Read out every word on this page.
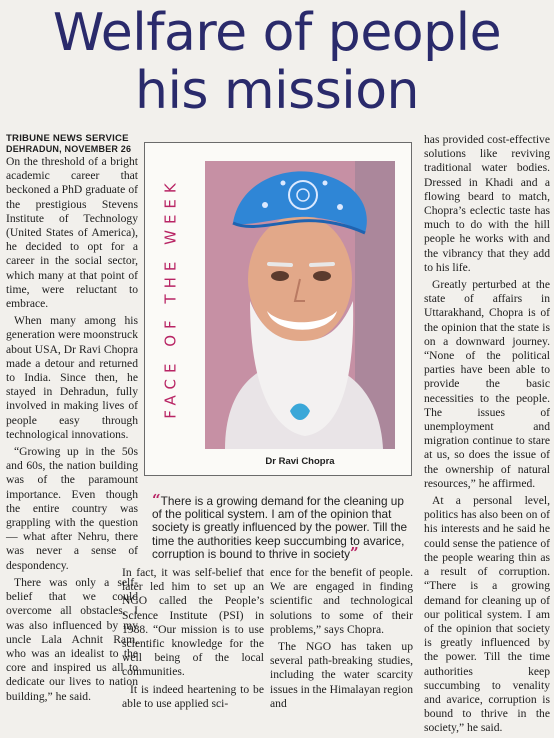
Welfare of people
his mission
TRIBUNE NEWS SERVICE
DEHRADUN, NOVEMBER 26

On the threshold of a bright academic career that beckoned a PhD graduate of the prestigious Stevens Institute of Technology (United States of America), he decided to opt for a career in the social sector, which many at that point of time, were reluctant to embrace.

When many among his generation were moonstruck about USA, Dr Ravi Chopra made a detour and returned to India. Since then, he stayed in Dehradun, fully involved in making lives of people easy through technological innovations.

“Growing up in the 50s and 60s, the nation building was of the paramount importance. Even though the entire country was grappling with the question — what after Nehru, there was never a sense of despondency.

There was only a self-belief that we could overcome all obstacles. I was also influenced by my uncle Lala Achnit Ram, who was an idealist to the core and inspired us all to dedicate our lives to nation building,” he said.

FACE OF THE WEEK
Dr Ravi Chopra
“There is a growing demand for the cleaning up of the political system. I am of the opinion that society is greatly influenced by the power. Till the time the authorities keep succumbing to avarice, corruption is bound to thrive in society”

In fact, it was self-belief that later led him to set up an NGO called the People’s Science Institute (PSI) in 1988. “Our mission is to use scientific knowledge for the well being of the local communities.

It is indeed heartening to be able to use applied sci-

ence for the benefit of people. We are engaged in finding scientific and technological solutions to some of their problems,” says Chopra.

The NGO has taken up several path-breaking studies, including the water scarcity issues in the Himalayan region and

has provided cost-effective solutions like reviving traditional water bodies. Dressed in Khadi and a flowing beard to match, Chopra’s eclectic taste has much to do with the hill people he works with and the vibrancy that they add to his life.

Greatly perturbed at the state of affairs in Uttarakhand, Chopra is of the opinion that the state is on a downward journey. “None of the political parties have been able to provide the basic necessities to the people. The issues of unemployment and migration continue to stare at us, so does the issue of the ownership of natural resources,” he affirmed.

At a personal level, politics has also been on of his interests and he said he could sense the patience of the people wearing thin as a result of corruption. “There is a growing demand for cleaning up of our political system. I am of the opinion that society is greatly influenced by the power. Till the time authorities keep succumbing to venality and avarice, corruption is bound to thrive in the society,” he said.
